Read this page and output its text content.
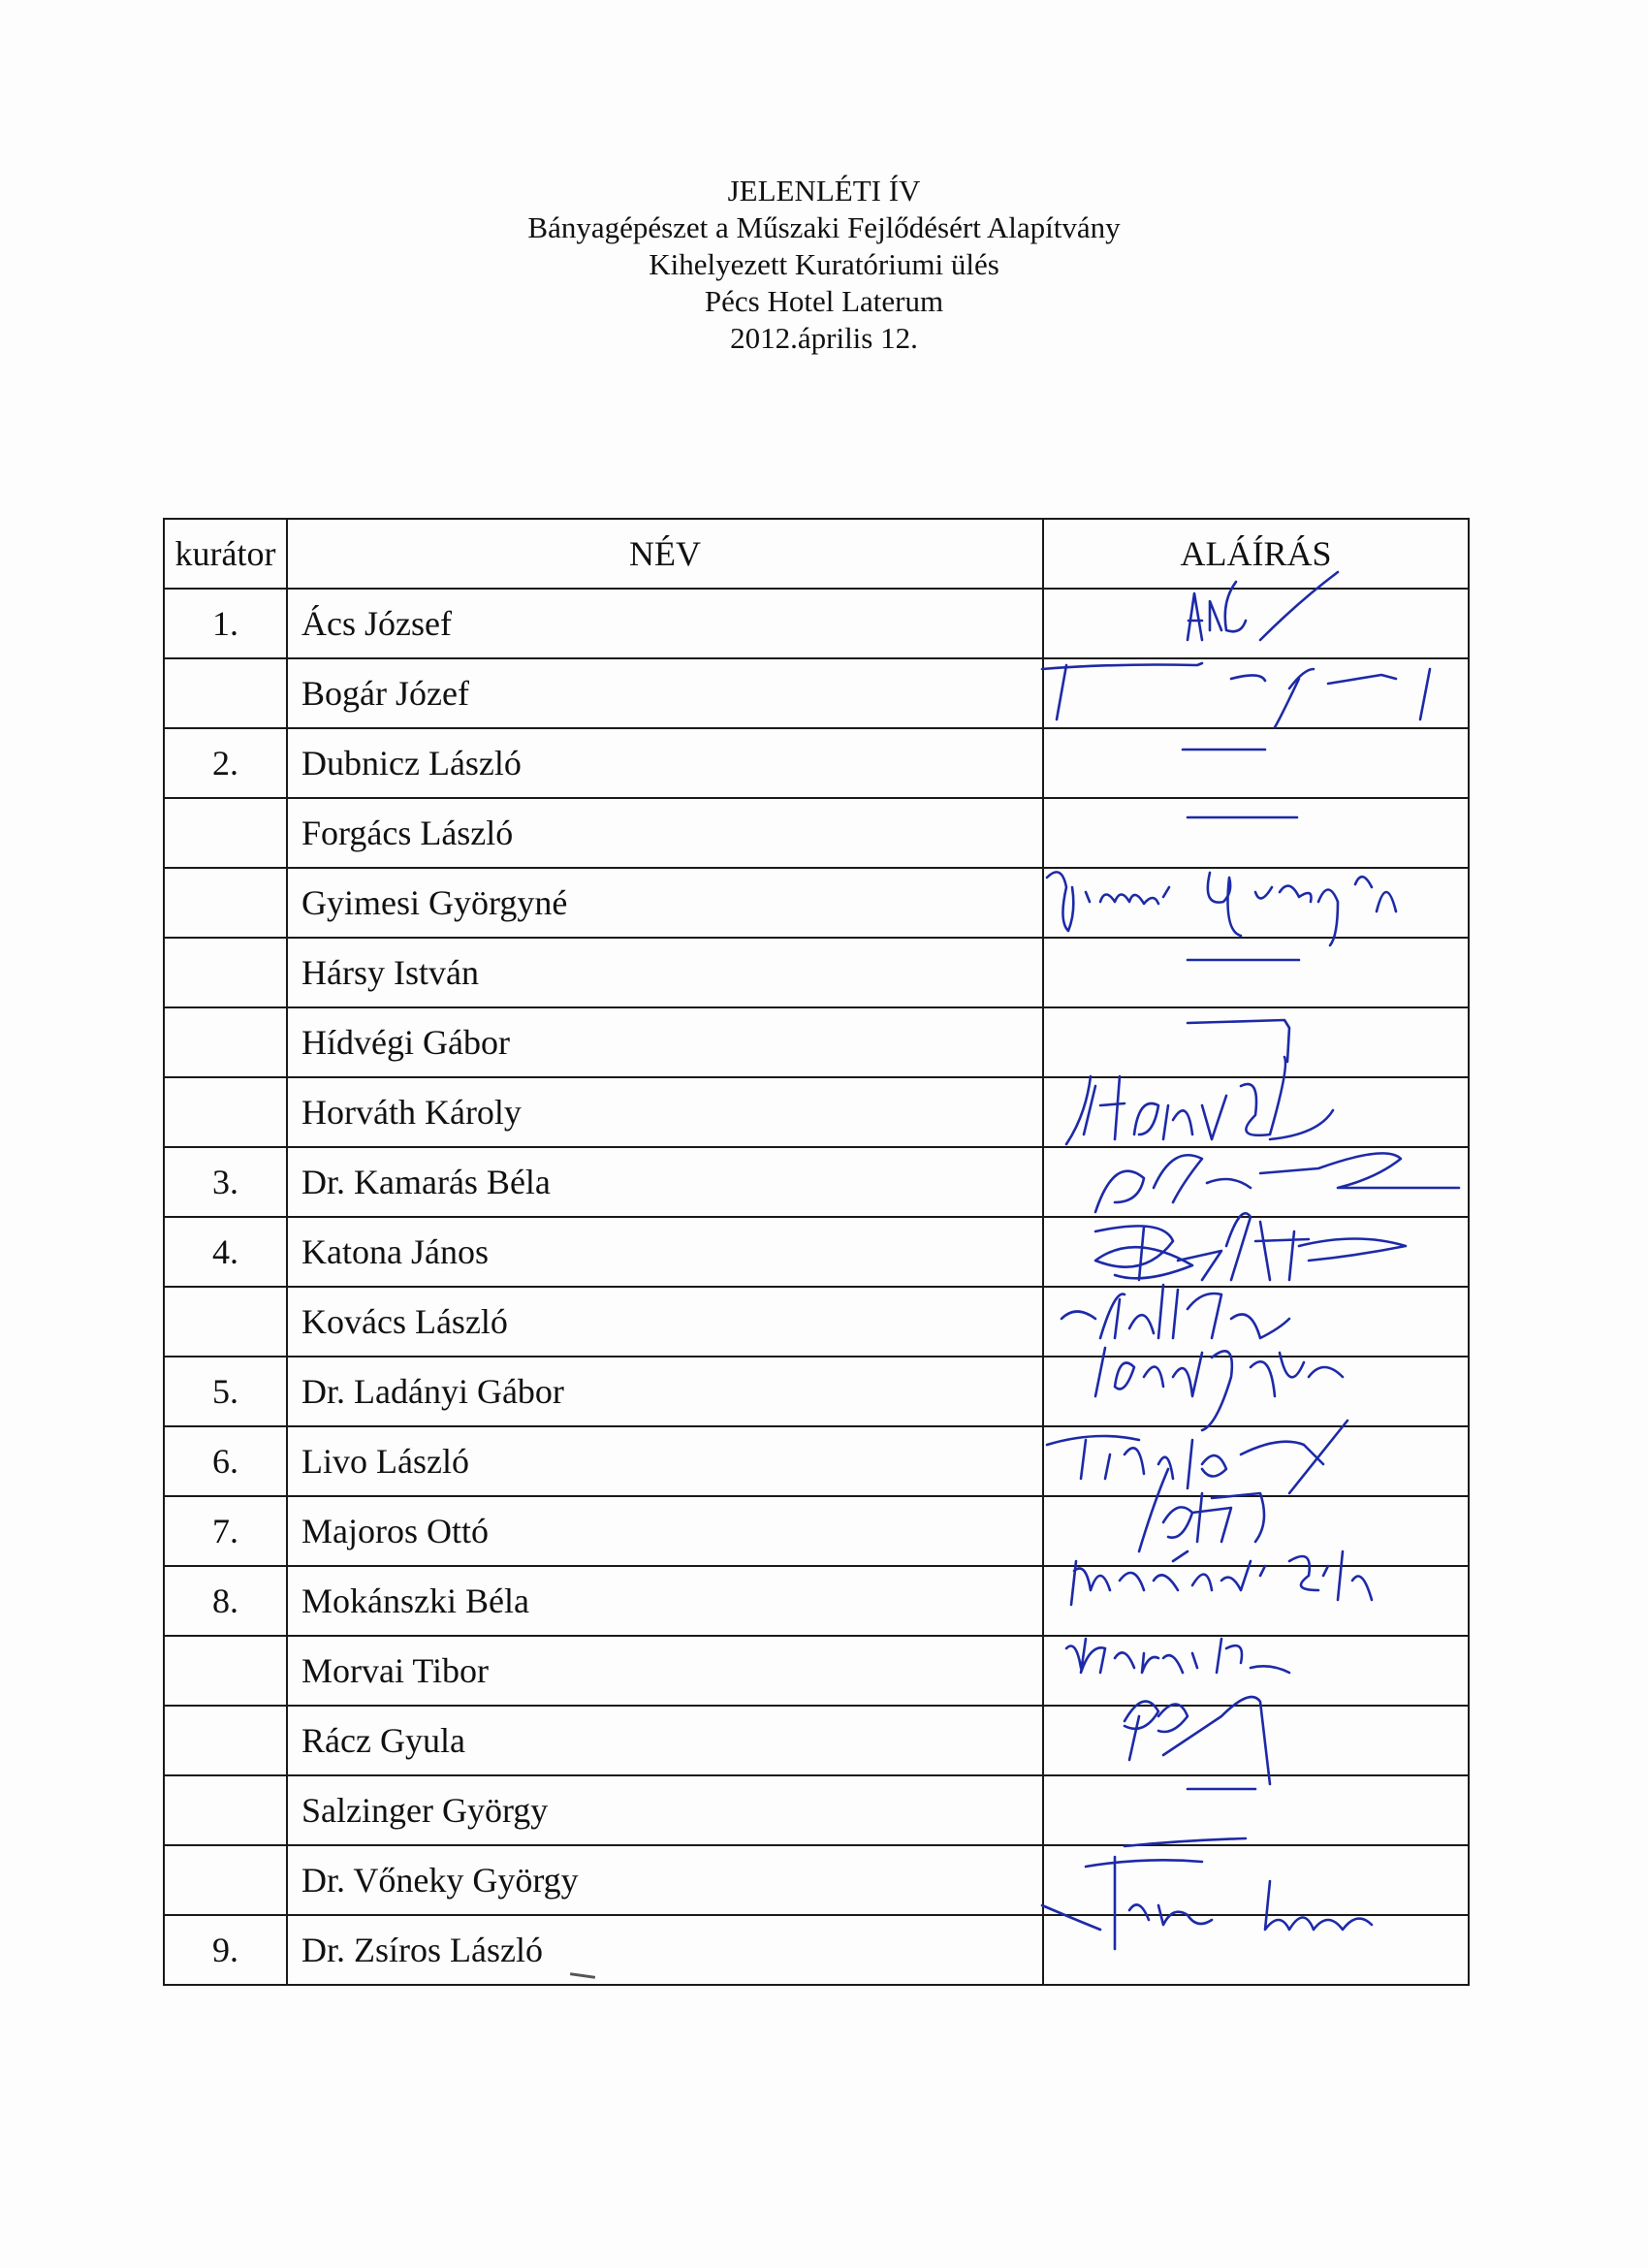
JELENLÉTI ÍV
Bányagépészet a Műszaki Fejlődésért Alapítvány
Kihelyezett Kuratóriumi ülés
Pécs Hotel Laterum
2012.április 12.
kurátor	NÉV	ALÁÍRÁS
1.	Ács József	
	Bogár Józef	
2.	Dubnicz László	
	Forgács László	
	Gyimesi Györgyné	
	Hársy István	
	Hídvégi Gábor	
	Horváth Károly	
3.	Dr. Kamarás Béla	
4.	Katona János	
	Kovács László	
5.	Dr. Ladányi Gábor	
6.	Livo László	
7.	Majoros Ottó	
8.	Mokánszki Béla	
	Morvai Tibor	
	Rácz Gyula	
	Salzinger György	
	Dr. Vőneky György	
9.	Dr. Zsíros László	
